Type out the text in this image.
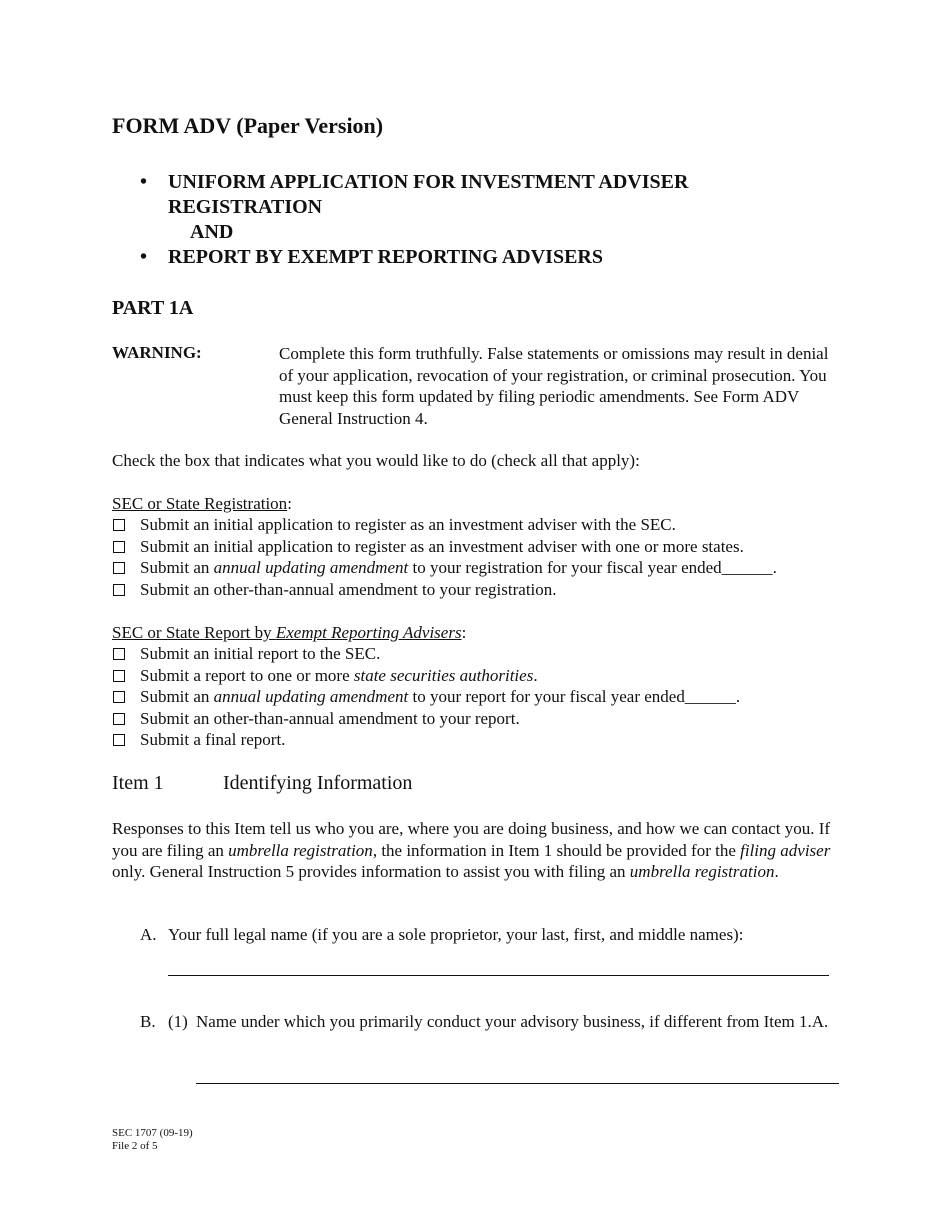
FORM ADV (Paper Version)
• UNIFORM APPLICATION FOR INVESTMENT ADVISER REGISTRATION
AND
• REPORT BY EXEMPT REPORTING ADVISERS
PART 1A
WARNING:	Complete this form truthfully. False statements or omissions may result in denial of your application, revocation of your registration, or criminal prosecution. You must keep this form updated by filing periodic amendments. See Form ADV General Instruction 4.
Check the box that indicates what you would like to do (check all that apply):
SEC or State Registration:
Submit an initial application to register as an investment adviser with the SEC.
Submit an initial application to register as an investment adviser with one or more states.
Submit an annual updating amendment to your registration for your fiscal year ended______.
Submit an other-than-annual amendment to your registration.
SEC or State Report by Exempt Reporting Advisers:
Submit an initial report to the SEC.
Submit a report to one or more state securities authorities.
Submit an annual updating amendment to your report for your fiscal year ended______.
Submit an other-than-annual amendment to your report.
Submit a final report.
Item 1	Identifying Information
Responses to this Item tell us who you are, where you are doing business, and how we can contact you. If you are filing an umbrella registration, the information in Item 1 should be provided for the filing adviser only. General Instruction 5 provides information to assist you with filing an umbrella registration.
A. Your full legal name (if you are a sole proprietor, your last, first, and middle names):
B. (1) Name under which you primarily conduct your advisory business, if different from Item 1.A.
SEC 1707 (09-19)
File 2 of 5
